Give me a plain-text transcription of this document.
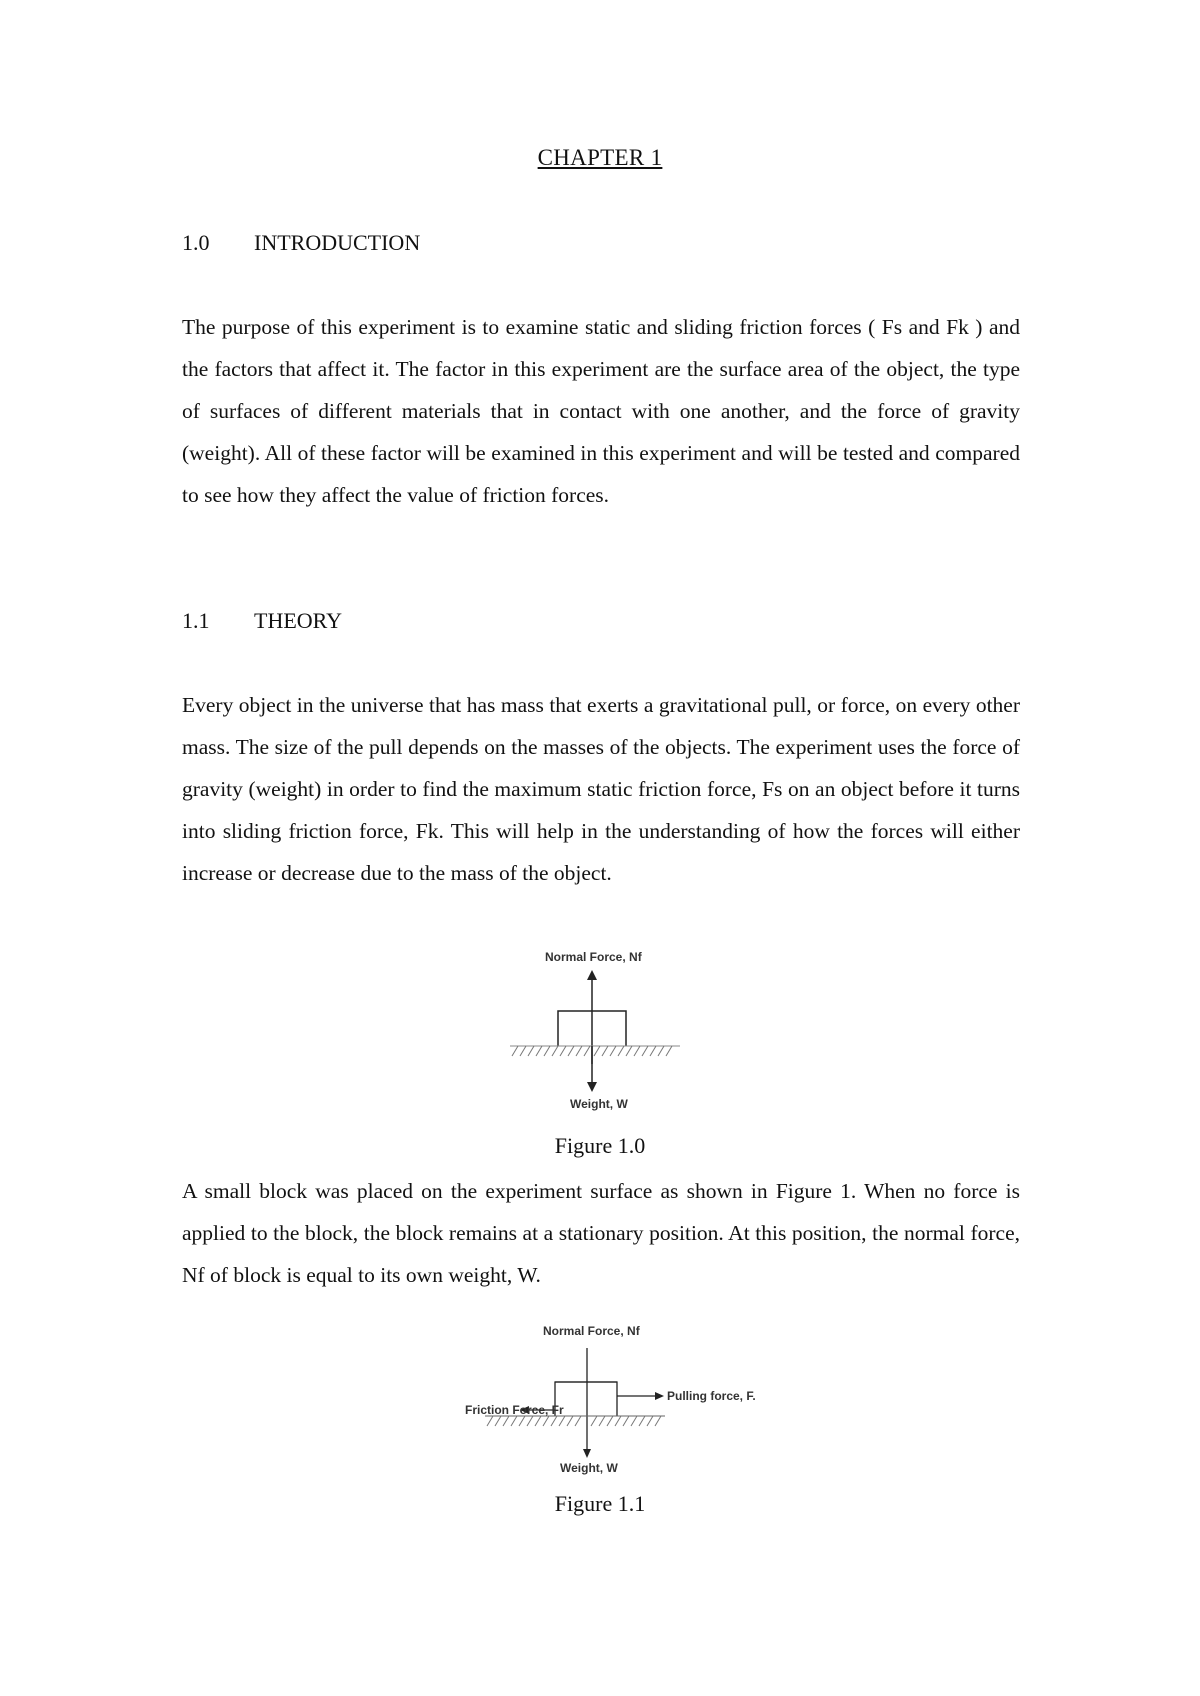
CHAPTER 1
1.0 INTRODUCTION

The purpose of this experiment is to examine static and sliding friction forces ( Fs and Fk ) and the factors that affect it. The factor in this experiment are the surface area of the object, the type of surfaces of different materials that in contact with one another, and the force of gravity (weight). All of these factor will be examined in this experiment and will be tested and compared to see how they affect the value of friction forces.

1.1 THEORY

Every object in the universe that has mass that exerts a gravitational pull, or force, on every other mass. The size of the pull depends on the masses of the objects. The experiment uses the force of gravity (weight) in order to find the maximum static friction force, Fs on an object before it turns into sliding friction force, Fk. This will help in the understanding of how the forces will either increase or decrease due to the mass of the object.

Normal Force, Nf
Weight, W
Figure 1.0

A small block was placed on the experiment surface as shown in Figure 1. When no force is applied to the block, the block remains at a stationary position. At this position, the normal force, Nf of block is equal to its own weight, W.

Normal Force, Nf
Pulling force, F.
Friction Force, Fr
Weight, W
Figure 1.1
